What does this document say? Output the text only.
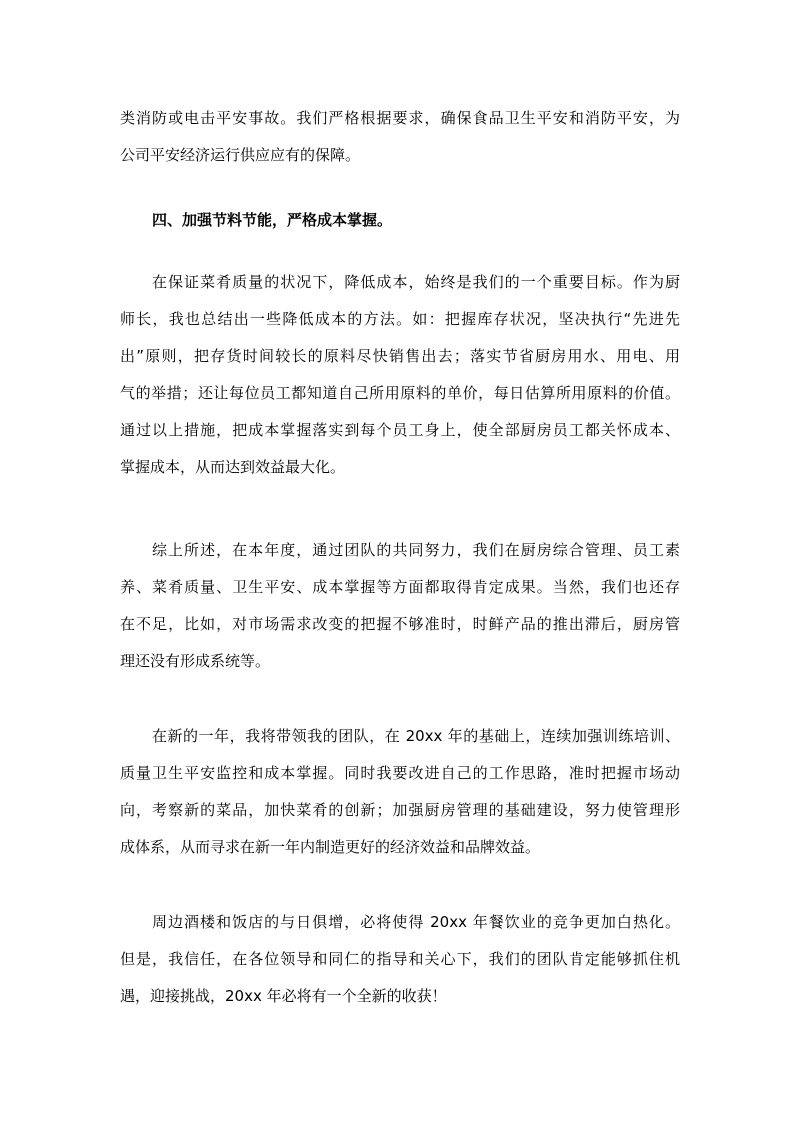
类消防或电击平安事故。我们严格根据要求，确保食品卫生平安和消防平安，为
公司平安经济运行供应应有的保障。
四、加强节料节能，严格成本掌握。
在保证菜肴质量的状况下，降低成本，始终是我们的一个重要目标。作为厨
师长，我也总结出一些降低成本的方法。如：把握库存状况，坚决执行“先进先
出”原则，把存货时间较长的原料尽快销售出去；落实节省厨房用水、用电、用
气的举措；还让每位员工都知道自己所用原料的单价，每日估算所用原料的价值。
通过以上措施，把成本掌握落实到每个员工身上，使全部厨房员工都关怀成本、
掌握成本，从而达到效益最大化。
综上所述，在本年度，通过团队的共同努力，我们在厨房综合管理、员工素
养、菜肴质量、卫生平安、成本掌握等方面都取得肯定成果。当然，我们也还存
在不足，比如，对市场需求改变的把握不够准时，时鲜产品的推出滞后，厨房管
理还没有形成系统等。
在新的一年，我将带领我的团队，在 20xx 年的基础上，连续加强训练培训、
质量卫生平安监控和成本掌握。同时我要改进自己的工作思路，准时把握市场动
向，考察新的菜品，加快菜肴的创新；加强厨房管理的基础建设，努力使管理形
成体系，从而寻求在新一年内制造更好的经济效益和品牌效益。
周边酒楼和饭店的与日俱增，必将使得 20xx 年餐饮业的竞争更加白热化。
但是，我信任，在各位领导和同仁的指导和关心下，我们的团队肯定能够抓住机
遇，迎接挑战，20xx 年必将有一个全新的收获！
